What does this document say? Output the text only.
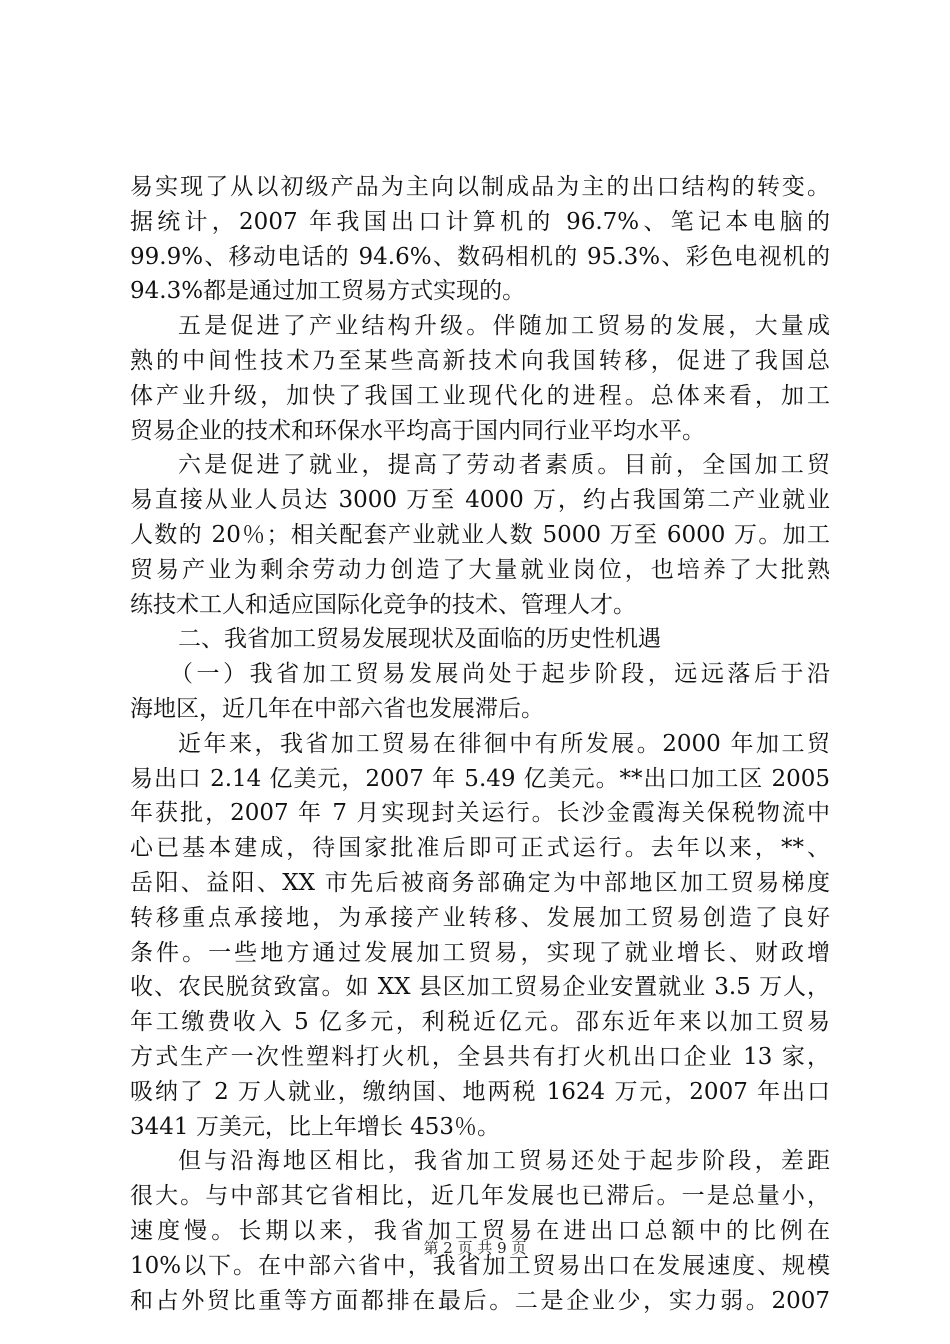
易实现了从以初级产品为主向以制成品为主的出口结构的转变。
据统计，2007 年我国出口计算机的 96.7%、笔记本电脑的
99.9%、移动电话的 94.6%、数码相机的 95.3%、彩色电视机的
94.3%都是通过加工贸易方式实现的。
五是促进了产业结构升级。伴随加工贸易的发展，大量成
熟的中间性技术乃至某些高新技术向我国转移，促进了我国总
体产业升级，加快了我国工业现代化的进程。总体来看，加工
贸易企业的技术和环保水平均高于国内同行业平均水平。
六是促进了就业，提高了劳动者素质。目前，全国加工贸
易直接从业人员达 3000 万至 4000 万，约占我国第二产业就业
人数的 20％；相关配套产业就业人数 5000 万至 6000 万。加工
贸易产业为剩余劳动力创造了大量就业岗位，也培养了大批熟
练技术工人和适应国际化竞争的技术、管理人才。
二、我省加工贸易发展现状及面临的历史性机遇
（一）我省加工贸易发展尚处于起步阶段，远远落后于沿
海地区，近几年在中部六省也发展滞后。
近年来，我省加工贸易在徘徊中有所发展。2000 年加工贸
易出口 2.14 亿美元，2007 年 5.49 亿美元。**出口加工区 2005
年获批，2007 年 7 月实现封关运行。长沙金霞海关保税物流中
心已基本建成，待国家批准后即可正式运行。去年以来，**、
岳阳、益阳、XX 市先后被商务部确定为中部地区加工贸易梯度
转移重点承接地，为承接产业转移、发展加工贸易创造了良好
条件。一些地方通过发展加工贸易，实现了就业增长、财政增
收、农民脱贫致富。如 XX 县区加工贸易企业安置就业 3.5 万人，
年工缴费收入 5 亿多元，利税近亿元。邵东近年来以加工贸易
方式生产一次性塑料打火机，全县共有打火机出口企业 13 家，
吸纳了 2 万人就业，缴纳国、地两税 1624 万元，2007 年出口
3441 万美元，比上年增长 453％。
但与沿海地区相比，我省加工贸易还处于起步阶段，差距
很大。与中部其它省相比，近几年发展也已滞后。一是总量小，
速度慢。长期以来，我省加工贸易在进出口总额中的比例在
10%以下。在中部六省中，我省加工贸易出口在发展速度、规模
和占外贸比重等方面都排在最后。二是企业少，实力弱。2007
第 2 页 共 9 页
